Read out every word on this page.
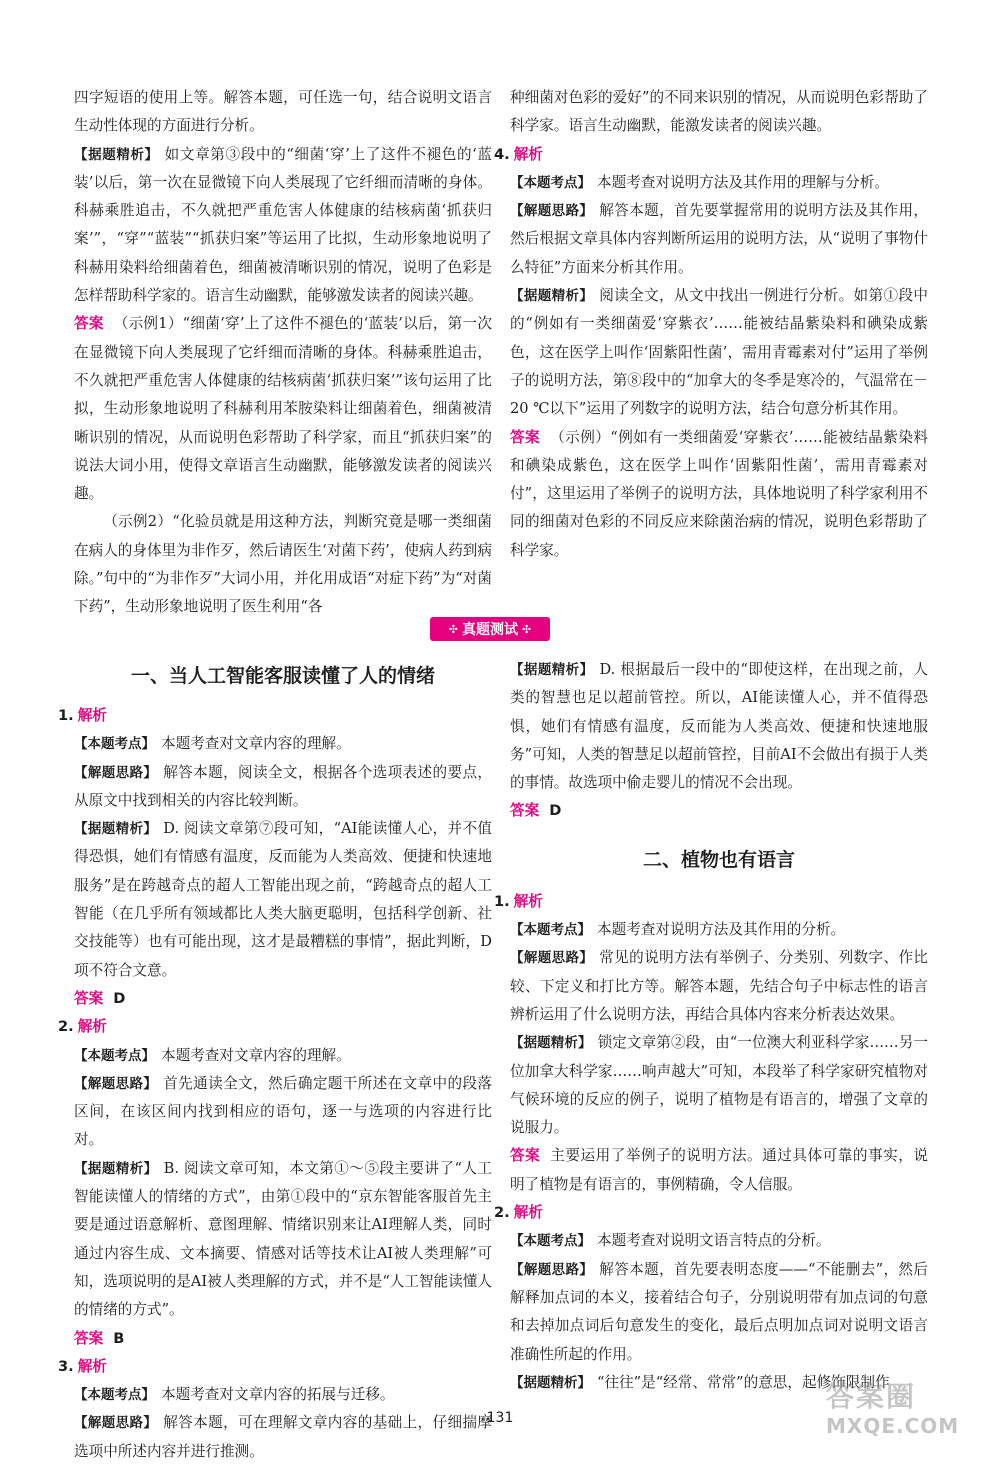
四字短语的使用上等。解答本题，可任选一句，结合说明文语言生动性体现的方面进行分析。

【据题精析】 如文章第③段中的“细菌‘穿’上了这件不褪色的‘蓝装’以后，第一次在显微镜下向人类展现了它纤细而清晰的身体。科赫乘胜追击，不久就把严重危害人体健康的结核病菌‘抓获归案’”，“穿”“蓝装”“抓获归案”等运用了比拟，生动形象地说明了科赫用染料给细菌着色，细菌被清晰识别的情况，说明了色彩是怎样帮助科学家的。语言生动幽默，能够激发读者的阅读兴趣。

答案 （示例1）“细菌‘穿’上了这件不褪色的‘蓝装’以后，第一次在显微镜下向人类展现了它纤细而清晰的身体。科赫乘胜追击，不久就把严重危害人体健康的结核病菌‘抓获归案’”该句运用了比拟，生动形象地说明了科赫利用苯胺染料让细菌着色，细菌被清晰识别的情况，从而说明色彩帮助了科学家，而且“抓获归案”的说法大词小用，使得文章语言生动幽默，能够激发读者的阅读兴趣。

（示例2）“化验员就是用这种方法，判断究竟是哪一类细菌在病人的身体里为非作歹，然后请医生‘对菌下药’，使病人药到病除。”句中的“为非作歹”大词小用，并化用成语“对症下药”为“对菌下药”，生动形象地说明了医生利用“各

种细菌对色彩的爱好”的不同来识别的情况，从而说明色彩帮助了科学家。语言生动幽默，能激发读者的阅读兴趣。

4. 解析

【本题考点】 本题考查对说明方法及其作用的理解与分析。

【解题思路】 解答本题，首先要掌握常用的说明方法及其作用，然后根据文章具体内容判断所运用的说明方法，从“说明了事物什么特征”方面来分析其作用。

【据题精析】 阅读全文，从文中找出一例进行分析。如第①段中的“例如有一类细菌爱‘穿紫衣’……能被结晶紫染料和碘染成紫色，这在医学上叫作‘固紫阳性菌’，需用青霉素对付”运用了举例子的说明方法，第⑧段中的“加拿大的冬季是寒冷的，气温常在－20 ℃以下”运用了列数字的说明方法，结合句意分析其作用。

答案 （示例）“例如有一类细菌爱‘穿紫衣’……能被结晶紫染料和碘染成紫色，这在医学上叫作‘固紫阳性菌’，需用青霉素对付”，这里运用了举例子的说明方法，具体地说明了科学家利用不同的细菌对色彩的不同反应来除菌治病的情况，说明色彩帮助了科学家。

✣ 真题测试 ✣

一、当人工智能客服读懂了人的情绪

1. 解析

【本题考点】 本题考查对文章内容的理解。

【解题思路】 解答本题，阅读全文，根据各个选项表述的要点，从原文中找到相关的内容比较判断。

【据题精析】 D. 阅读文章第⑦段可知，“AI能读懂人心，并不值得恐惧，她们有情感有温度，反而能为人类高效、便捷和快速地服务”是在跨越奇点的超人工智能出现之前，“跨越奇点的超人工智能（在几乎所有领域都比人类大脑更聪明，包括科学创新、社交技能等）也有可能出现，这才是最糟糕的事情”，据此判断，D项不符合文意。

答案 D

2. 解析

【本题考点】 本题考查对文章内容的理解。

【解题思路】 首先通读全文，然后确定题干所述在文章中的段落区间，在该区间内找到相应的语句，逐一与选项的内容进行比对。

【据题精析】 B. 阅读文章可知，本文第①～⑤段主要讲了“人工智能读懂人的情绪的方式”，由第①段中的“京东智能客服首先主要是通过语意解析、意图理解、情绪识别来让AI理解人类，同时通过内容生成、文本摘要、情感对话等技术让AI被人类理解”可知，选项说明的是AI被人类理解的方式，并不是“人工智能读懂人的情绪的方式”。

答案 B

3. 解析

【本题考点】 本题考查对文章内容的拓展与迁移。

【解题思路】 解答本题，可在理解文章内容的基础上，仔细揣摩选项中所述内容并进行推测。

【据题精析】 D. 根据最后一段中的“即使这样，在出现之前，人类的智慧也足以超前管控。所以，AI能读懂人心，并不值得恐惧，她们有情感有温度，反而能为人类高效、便捷和快速地服务”可知，人类的智慧足以超前管控，目前AI不会做出有损于人类的事情。故选项中偷走婴儿的情况不会出现。

答案 D

二、植物也有语言

1. 解析

【本题考点】 本题考查对说明方法及其作用的分析。

【解题思路】 常见的说明方法有举例子、分类别、列数字、作比较、下定义和打比方等。解答本题，先结合句子中标志性的语言辨析运用了什么说明方法，再结合具体内容来分析表达效果。

【据题精析】 锁定文章第②段，由“一位澳大利亚科学家……另一位加拿大科学家……响声越大”可知，本段举了科学家研究植物对气候环境的反应的例子，说明了植物是有语言的，增强了文章的说服力。

答案 主要运用了举例子的说明方法。通过具体可靠的事实，说明了植物是有语言的，事例精确，令人信服。

2. 解析

【本题考点】 本题考查对说明文语言特点的分析。

【解题思路】 解答本题，首先要表明态度——“不能删去”，然后解释加点词的本义，接着结合句子，分别说明带有加点词的句意和去掉加点词后句意发生的变化，最后点明加点词对说明文语言准确性所起的作用。

【据题精析】 “往往”是“经常、常常”的意思，起修饰限制作

131
答案圈
MXQE.COM
